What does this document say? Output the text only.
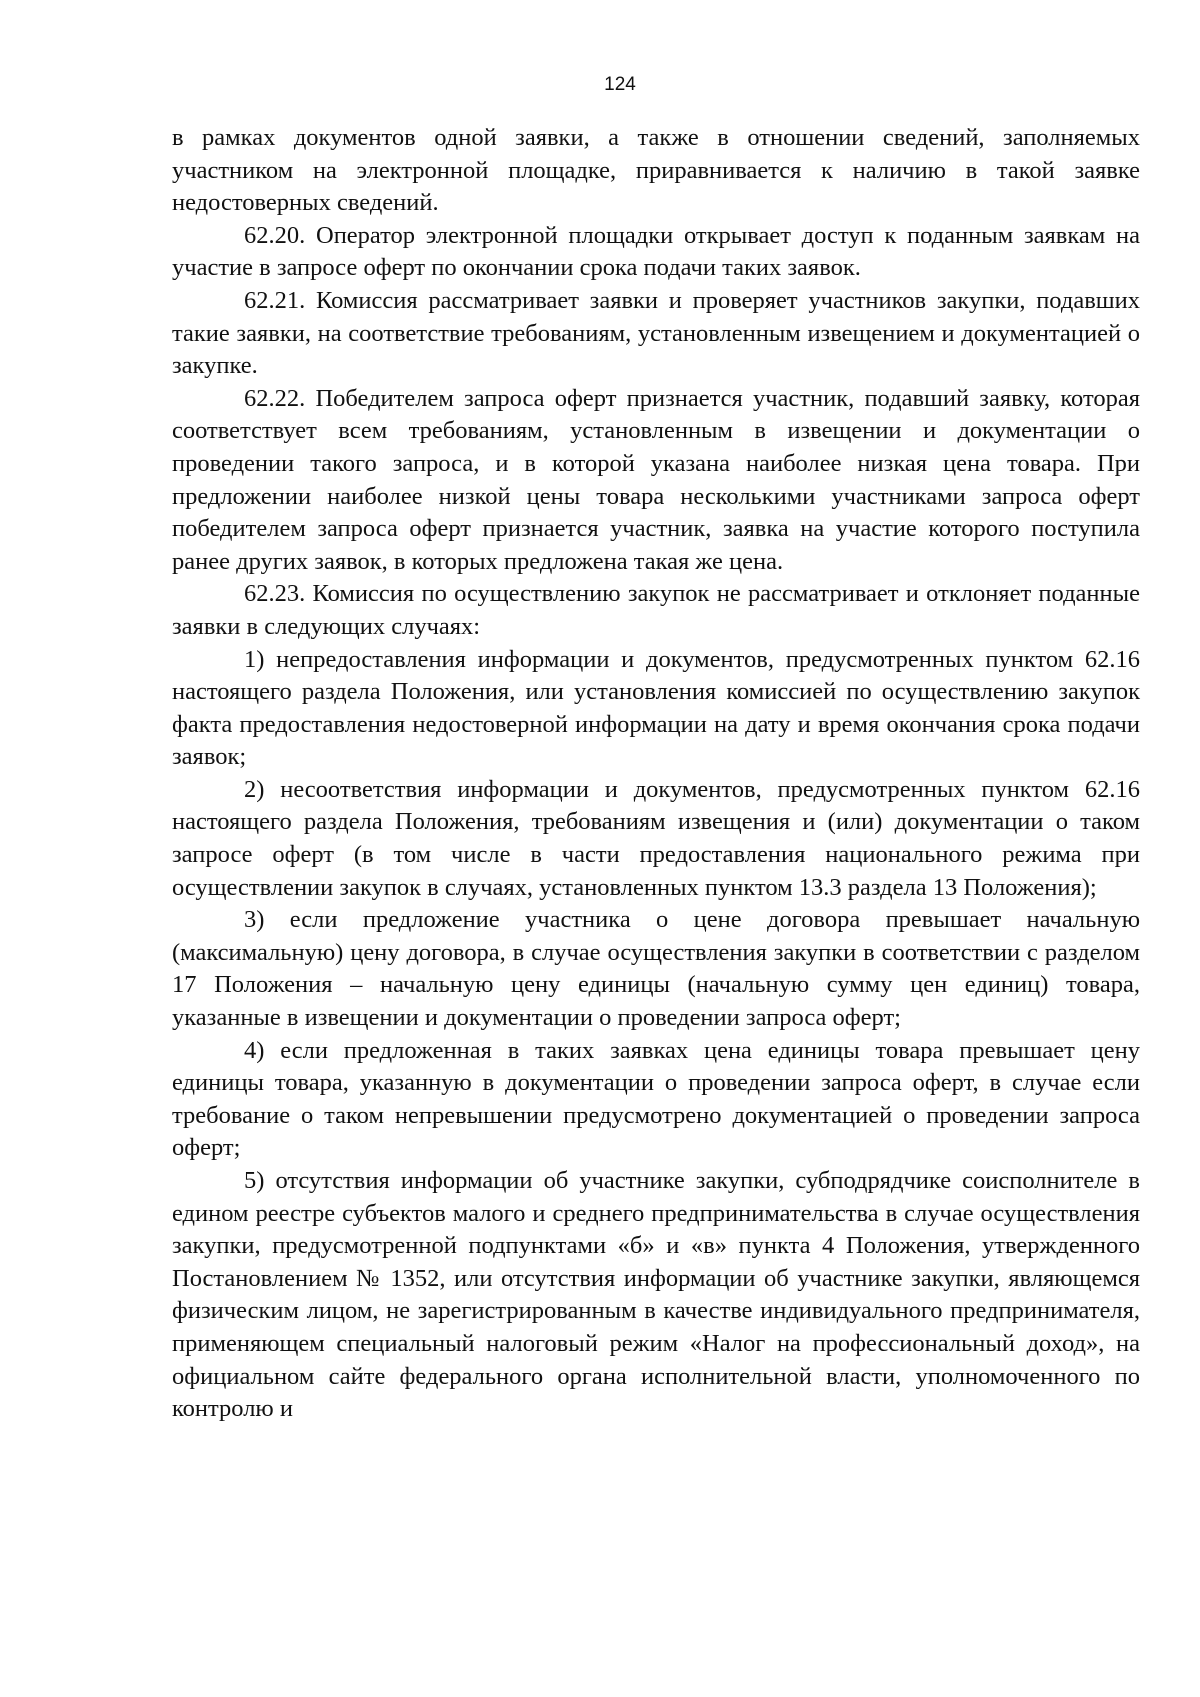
124

в рамках документов одной заявки, а также в отношении сведений, заполняемых участником на электронной площадке, приравнивается к наличию в такой заявке недостоверных сведений.

62.20. Оператор электронной площадки открывает доступ к поданным заявкам на участие в запросе оферт по окончании срока подачи таких заявок.

62.21. Комиссия рассматривает заявки и проверяет участников закупки, подавших такие заявки, на соответствие требованиям, установленным извещением и документацией о закупке.

62.22. Победителем запроса оферт признается участник, подавший заявку, которая соответствует всем требованиям, установленным в извещении и документации о проведении такого запроса, и в которой указана наиболее низкая цена товара. При предложении наиболее низкой цены товара несколькими участниками запроса оферт победителем запроса оферт признается участник, заявка на участие которого поступила ранее других заявок, в которых предложена такая же цена.

62.23. Комиссия по осуществлению закупок не рассматривает и отклоняет поданные заявки в следующих случаях:

1) непредоставления информации и документов, предусмотренных пунктом 62.16 настоящего раздела Положения, или установления комиссией по осуществлению закупок факта предоставления недостоверной информации на дату и время окончания срока подачи заявок;

2) несоответствия информации и документов, предусмотренных пунктом 62.16 настоящего раздела Положения, требованиям извещения и (или) документации о таком запросе оферт (в том числе в части предоставления национального режима при осуществлении закупок в случаях, установленных пунктом 13.3 раздела 13 Положения);

3) если предложение участника о цене договора превышает начальную (максимальную) цену договора, в случае осуществления закупки в соответствии с разделом 17 Положения – начальную цену единицы (начальную сумму цен единиц) товара, указанные в извещении и документации о проведении запроса оферт;

4) если предложенная в таких заявках цена единицы товара превышает цену единицы товара, указанную в документации о проведении запроса оферт, в случае если требование о таком непревышении предусмотрено документацией о проведении запроса оферт;

5) отсутствия информации об участнике закупки, субподрядчике соисполнителе в едином реестре субъектов малого и среднего предпринимательства в случае осуществления закупки, предусмотренной подпунктами «б» и «в» пункта 4 Положения, утвержденного Постановлением № 1352, или отсутствия информации об участнике закупки, являющемся физическим лицом, не зарегистрированным в качестве индивидуального предпринимателя, применяющем специальный налоговый режим «Налог на профессиональный доход», на официальном сайте федерального органа исполнительной власти, уполномоченного по контролю и
